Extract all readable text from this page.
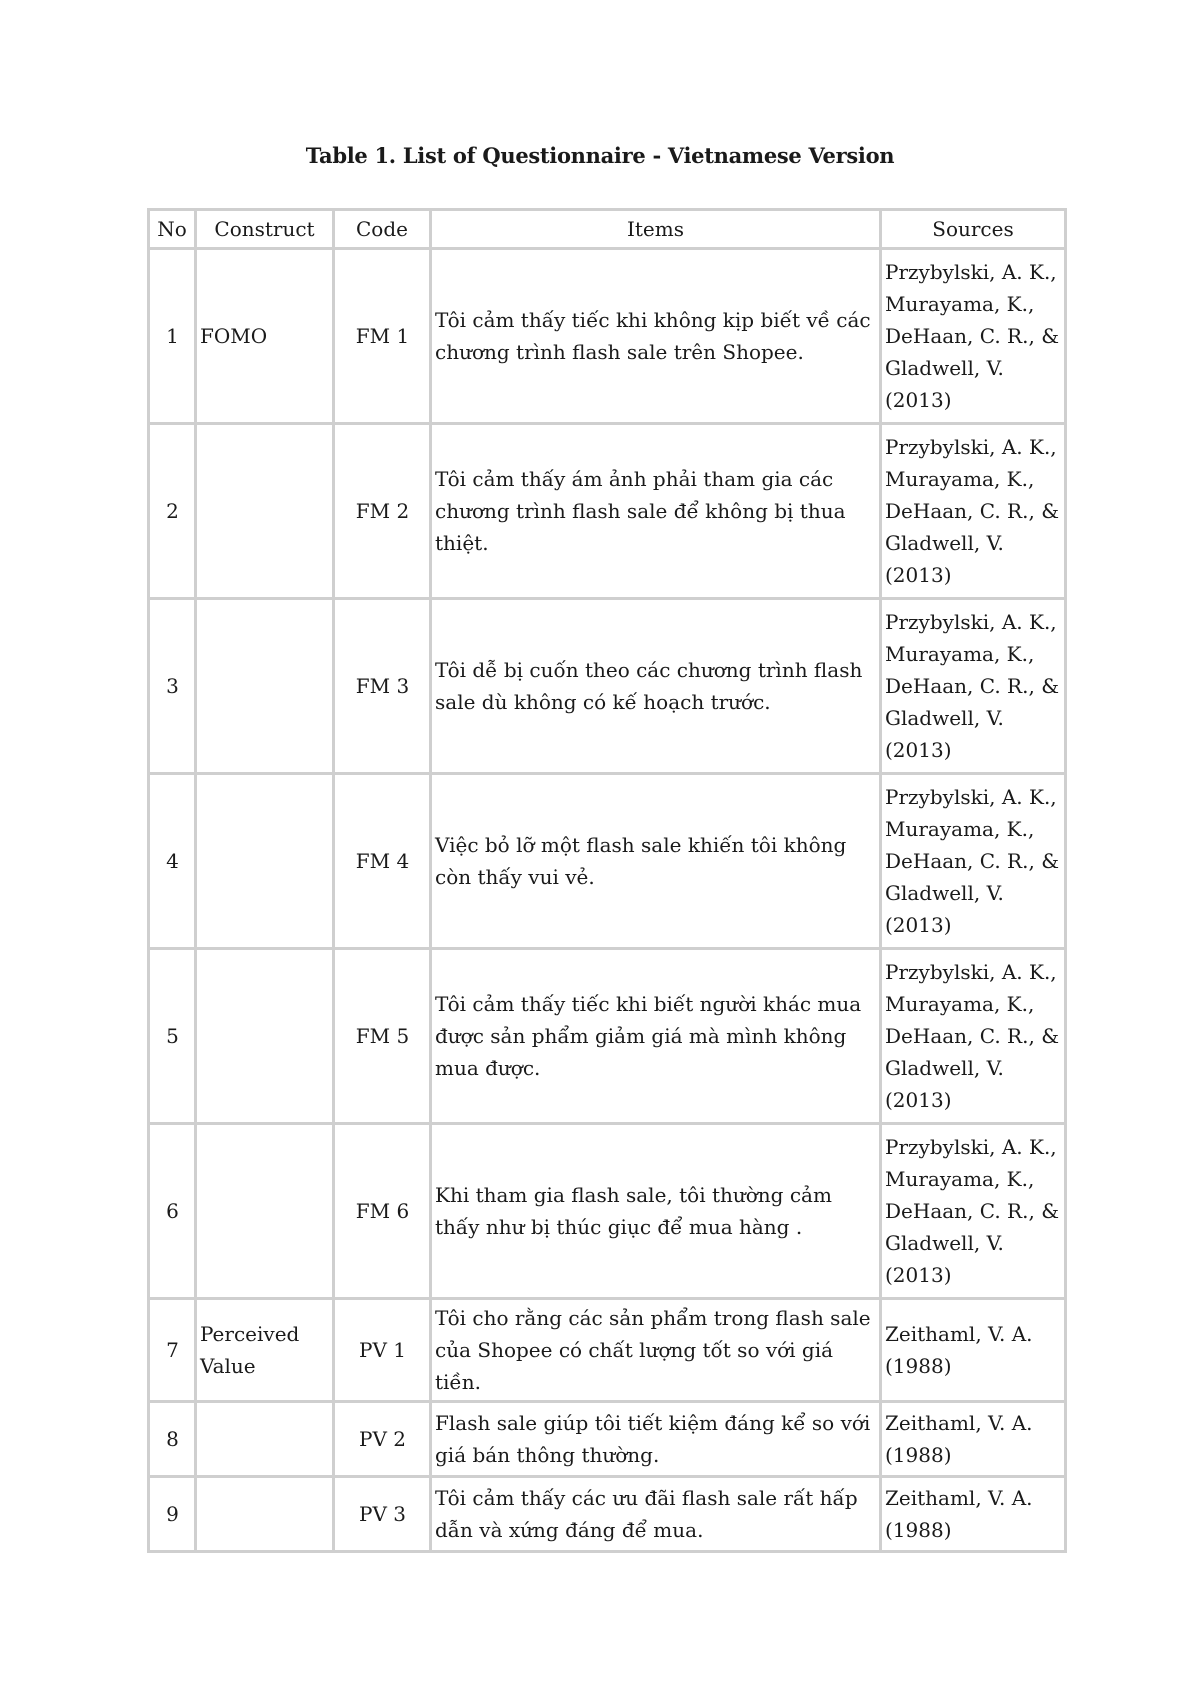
Table 1. List of Questionnaire - Vietnamese Version
No	Construct	Code	Items	Sources
1	FOMO	FM 1	Tôi cảm thấy tiếc khi không kịp biết về các chương trình flash sale trên Shopee.	Przybylski, A. K., Murayama, K., DeHaan, C. R., & Gladwell, V. (2013)
2		FM 2	Tôi cảm thấy ám ảnh phải tham gia các chương trình flash sale để không bị thua thiệt.	Przybylski, A. K., Murayama, K., DeHaan, C. R., & Gladwell, V. (2013)
3		FM 3	Tôi dễ bị cuốn theo các chương trình flash sale dù không có kế hoạch trước.	Przybylski, A. K., Murayama, K., DeHaan, C. R., & Gladwell, V. (2013)
4		FM 4	Việc bỏ lỡ một flash sale khiến tôi không còn thấy vui vẻ.	Przybylski, A. K., Murayama, K., DeHaan, C. R., & Gladwell, V. (2013)
5		FM 5	Tôi cảm thấy tiếc khi biết người khác mua được sản phẩm giảm giá mà mình không mua được.	Przybylski, A. K., Murayama, K., DeHaan, C. R., & Gladwell, V. (2013)
6		FM 6	Khi tham gia flash sale, tôi thường cảm thấy như bị thúc giục để mua hàng .	Przybylski, A. K., Murayama, K., DeHaan, C. R., & Gladwell, V. (2013)
7	Perceived Value	PV 1	Tôi cho rằng các sản phẩm trong flash sale của Shopee có chất lượng tốt so với giá tiền.	Zeithaml, V. A. (1988)
8		PV 2	Flash sale giúp tôi tiết kiệm đáng kể so với giá bán thông thường.	Zeithaml, V. A. (1988)
9		PV 3	Tôi cảm thấy các ưu đãi flash sale rất hấp dẫn và xứng đáng để mua.	Zeithaml, V. A. (1988)
